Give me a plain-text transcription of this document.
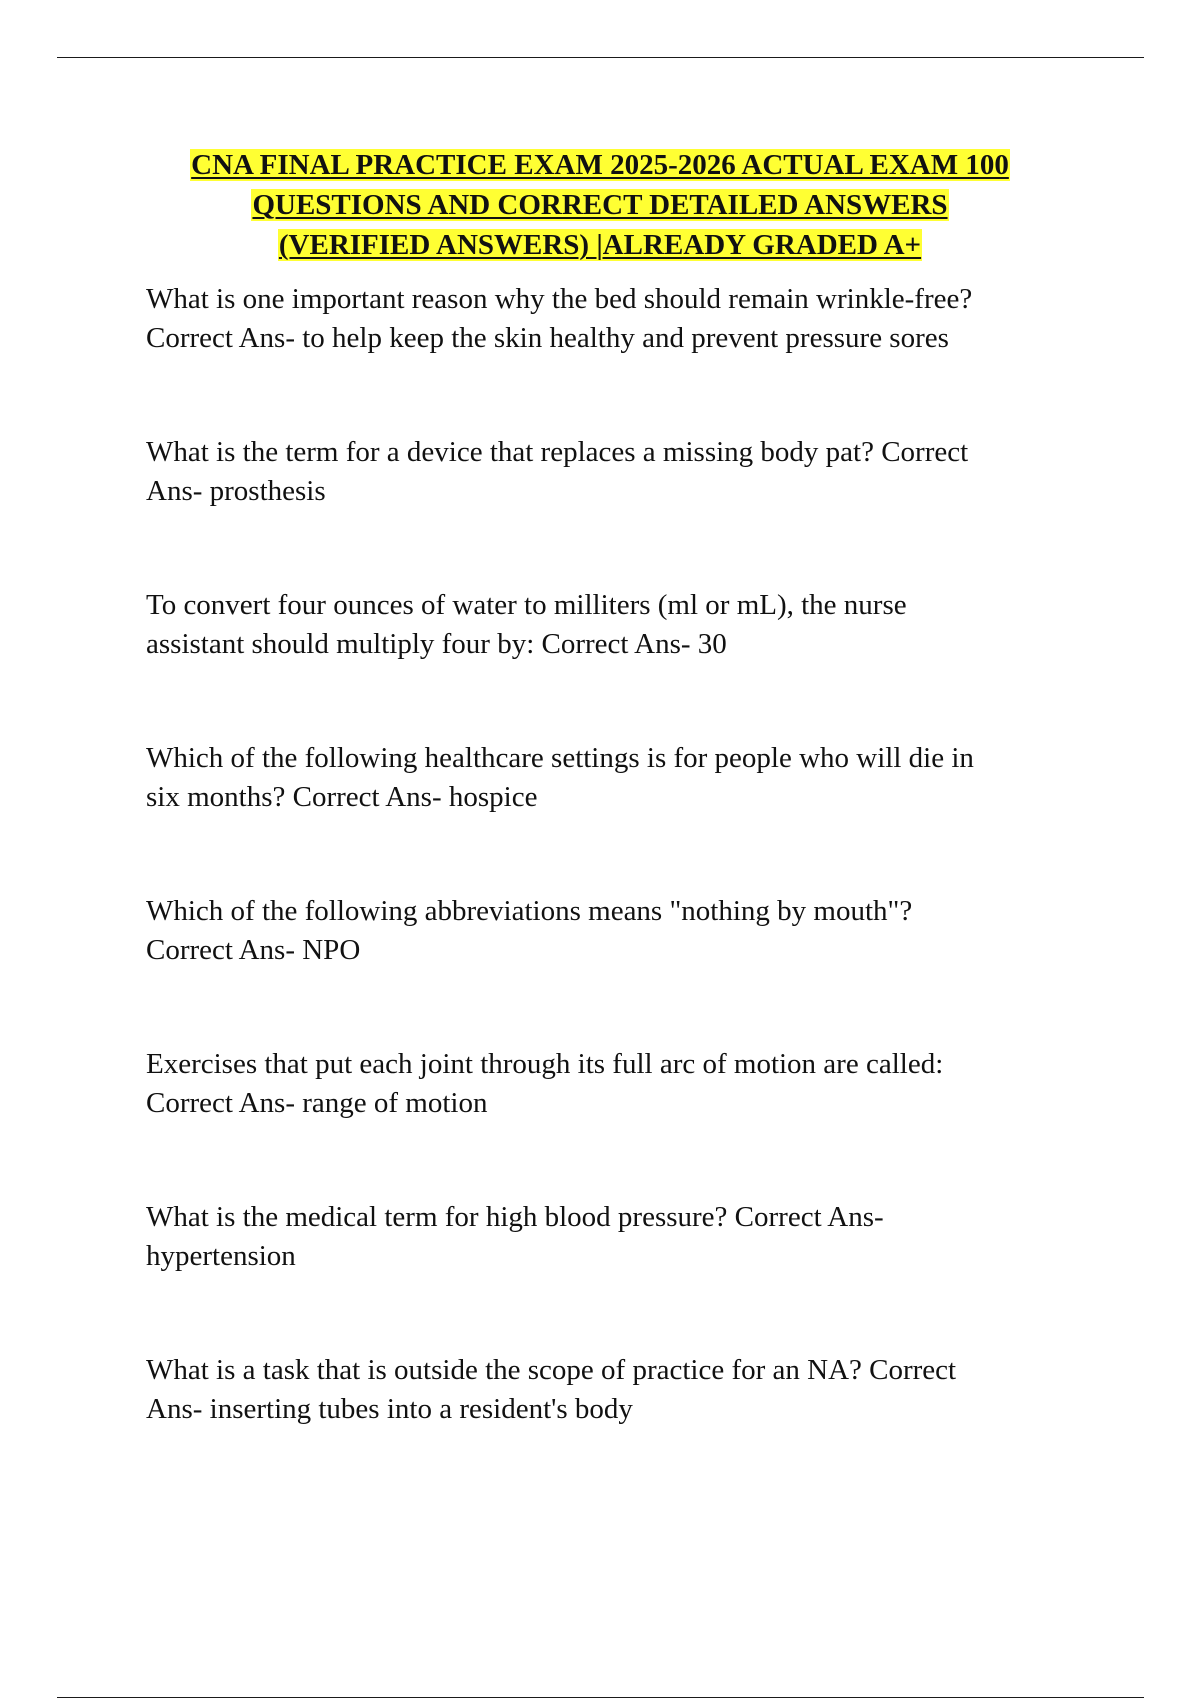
CNA FINAL PRACTICE EXAM 2025-2026 ACTUAL EXAM 100
QUESTIONS AND CORRECT DETAILED ANSWERS
(VERIFIED ANSWERS) |ALREADY GRADED A+
What is one important reason why the bed should remain wrinkle-free?
Correct Ans- to help keep the skin healthy and prevent pressure sores
What is the term for a device that replaces a missing body pat? Correct
Ans- prosthesis
To convert four ounces of water to milliters (ml or mL), the nurse
assistant should multiply four by: Correct Ans- 30
Which of the following healthcare settings is for people who will die in
six months? Correct Ans- hospice
Which of the following abbreviations means "nothing by mouth"?
Correct Ans- NPO
Exercises that put each joint through its full arc of motion are called:
Correct Ans- range of motion
What is the medical term for high blood pressure? Correct Ans-
hypertension
What is a task that is outside the scope of practice for an NA? Correct
Ans- inserting tubes into a resident's body
